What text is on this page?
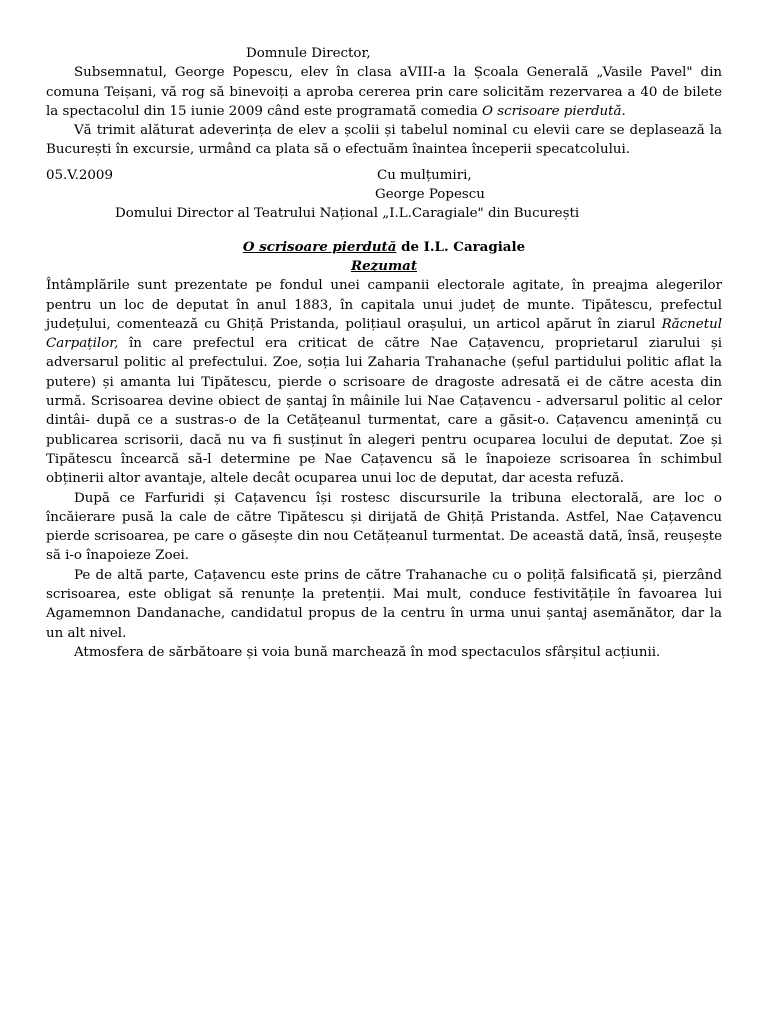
Domnule Director,

Subsemnatul, George Popescu, elev în clasa aVIII-a la Școala Generală „Vasile Pavel" din comuna Teișani, vă rog să binevoiți a aproba cererea prin care solicităm rezervarea a 40 de bilete la spectacolul din 15 iunie 2009 când este programată comedia O scrisoare pierdută.

Vă trimit alăturat adeverința de elev a școlii și tabelul nominal cu elevii care se deplasează la București în excursie, urmând ca plata să o efectuăm înaintea începerii specatcolului.

05.V.2009	Cu mulțumiri,
George Popescu
Domului Director al Teatrului Național „I.L.Caragiale" din București
O scrisoare pierdută de I.L. Caragiale
Rezumat

Întâmplările sunt prezentate pe fondul unei campanii electorale agitate, în preajma alegerilor pentru un loc de deputat în anul 1883, în capitala unui județ de munte. Tipătescu, prefectul județului, comentează cu Ghiță Pristanda, polițiaul orașului, un articol apărut în ziarul Răcnetul Carpaților, în care prefectul era criticat de către Nae Cațavencu, proprietarul ziarului și adversarul politic al prefectului. Zoe, soția lui Zaharia Trahanache (șeful partidului politic aflat la putere) și amanta lui Tipătescu, pierde o scrisoare de dragoste adresată ei de către acesta din urmă. Scrisoarea devine obiect de șantaj în mâinile lui Nae Cațavencu - adversarul politic al celor dintâi- după ce a sustras-o de la Cetățeanul turmentat, care a găsit-o. Cațavencu amenință cu publicarea scrisorii, dacă nu va fi susținut în alegeri pentru ocuparea locului de deputat. Zoe și Tipătescu încearcă să-l determine pe Nae Cațavencu să le înapoieze scrisoarea în schimbul obținerii altor avantaje, altele decât ocuparea unui loc de deputat, dar acesta refuză.

După ce Farfuridi și Cațavencu își rostesc discursurile la tribuna electorală, are loc o încăierare pusă la cale de către Tipătescu și dirijată de Ghiță Pristanda. Astfel, Nae Cațavencu pierde scrisoarea, pe care o găsește din nou Cetățeanul turmentat. De această dată, însă, reușește să i-o înapoieze Zoei.

Pe de altă parte, Cațavencu este prins de către Trahanache cu o poliță falsificată și, pierzând scrisoarea, este obligat să renunțe la pretenții. Mai mult, conduce festivitățile în favoarea lui Agamemnon Dandanache, candidatul propus de la centru în urma unui șantaj asemănător, dar la un alt nivel.

Atmosfera de sărbătoare și voia bună marchează în mod spectaculos sfârșitul acțiunii.
